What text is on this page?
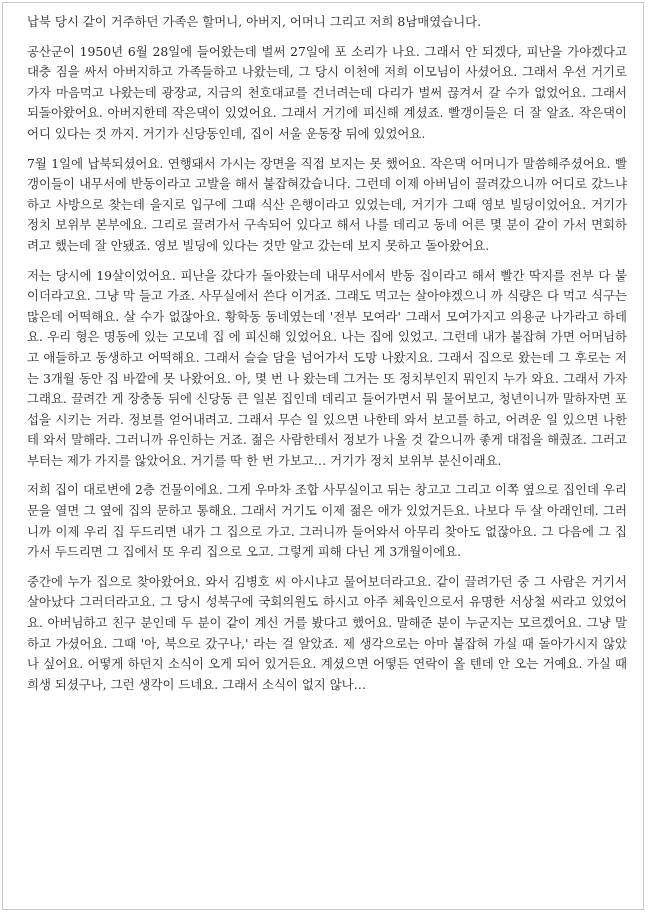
납북 당시 같이 거주하던 가족은 할머니, 아버지, 어머니 그리고 저희 8남매였습니다.

공산군이 1950년 6월 28일에 들어왔는데 벌써 27일에 포 소리가 나요. 그래서 안 되겠다, 피난을 가야겠다고 대충 짐을 싸서 아버지하고 가족들하고 나왔는데, 그 당시 이천에 저희 이모님이 사셨어요. 그래서 우선 거기로 가자 마음먹고 나왔는데 광장교, 지금의 천호대교를 건너려는데 다리가 벌써 끊겨서 갈 수가 없었어요. 그래서 되돌아왔어요. 아버지한테 작은댁이 있었어요. 그래서 거기에 피신해 계셨죠. 빨갱이들은 더 잘 알죠. 작은댁이 어디 있다는 것 까지. 거기가 신당동인데, 집이 서울 운동장 뒤에 있었어요.

7월 1일에 납북되셨어요. 연행돼서 가시는 장면을 직접 보지는 못 했어요. 작은댁 어머니가 말씀해주셨어요. 빨갱이들이 내무서에 반동이라고 고발을 해서 붙잡혀갔습니다. 그런데 이제 아버님이 끌려갔으니까 어디로 갔느냐 하고 사방으로 찾는데 을지로 입구에 그때 식산 은행이라고 있었는데, 거기가 그때 영보 빌딩이었어요. 거기가 정치 보위부 본부에요. 그리로 끌려가서 구속되어 있다고 해서 나를 데리고 동네 어른 몇 분이 같이 가서 면회하려고 했는데 잘 안됐죠. 영보 빌딩에 있다는 것만 알고 갔는데 보지 못하고 돌아왔어요.

저는 당시에 19살이었어요. 피난을 갔다가 돌아왔는데 내무서에서 반동 집이라고 해서 빨간 딱지를 전부 다 붙이더라고요. 그냥 막 들고 가죠. 사무실에서 쓴다 이거죠. 그래도 먹고는 살아야겠으니 까 식량은 다 먹고 식구는 많은데 어떡해요. 살 수가 없잖아요. 황학동 동네였는데 '전부 모여라' 그래서 모여가지고 의용군 나가라고 하데요. 우리 형은 명동에 있는 고모네 집 에 피신해 있었어요. 나는 집에 있었고. 그런데 내가 붙잡혀 가면 어머님하고 애들하고 동생하고 어떡해요. 그래서 슬슬 담을 넘어가서 도망 나왔지요. 그래서 집으로 왔는데 그 후로는 저는 3개월 동안 집 바깥에 못 나왔어요. 아, 몇 번 나 왔는데 그거는 또 정치부인지 뭐인지 누가 와요. 그래서 가자 그래요. 끌려간 게 장충동 뒤에 신당동 큰 일본 집인데 데리고 들어가면서 뭐 물어보고, 청년이니까 말하자면 포섭을 시키는 거라. 정보를 얻어내려고. 그래서 무슨 일 있으면 나한테 와서 보고를 하고, 어려운 일 있으면 나한테 와서 말해라. 그러니까 유인하는 거죠. 젊은 사람한테서 정보가 나올 것 같으니까 좋게 대접을 해줬죠. 그러고부터는 제가 가지를 않았어요. 거기를 딱 한 번 가보고… 거기가 정치 보위부 분신이래요.

저희 집이 대로변에 2층 건물이에요. 그게 우마차 조합 사무실이고 뒤는 창고고 그리고 이쪽 옆으로 집인데 우리 문을 열면 그 옆에 집의 문하고 통해요. 그래서 거기도 이제 젊은 애가 있었거든요. 나보다 두 살 아래인데. 그러니까 이제 우리 집 두드리면 내가 그 집으로 가고. 그러니까 들어와서 아무리 찾아도 없잖아요. 그 다음에 그 집 가서 두드리면 그 집에서 또 우리 집으로 오고. 그렇게 피해 다닌 게 3개월이에요.

중간에 누가 집으로 찾아왔어요. 와서 김병호 씨 아시냐고 물어보더라고요. 같이 끌려가던 중 그 사람은 거기서 살아났다 그러더라고요. 그 당시 성북구에 국회의원도 하시고 아주 체육인으로서 유명한 서상철 씨라고 있었어요. 아버님하고 친구 분인데 두 분이 같이 계신 거를 봤다고 했어요. 말해준 분이 누군지는 모르겠어요. 그냥 말하고 가셨어요. 그때 '아, 북으로 갔구나,' 라는 걸 알았죠. 제 생각으로는 아마 붙잡혀 가실 때 돌아가시지 않았나 싶어요. 어떻게 하던지 소식이 오게 되어 있거든요. 계셨으면 어떻든 연락이 올 텐데 안 오는 거예요. 가실 때 희생 되셨구나, 그런 생각이 드네요. 그래서 소식이 없지 않나…
